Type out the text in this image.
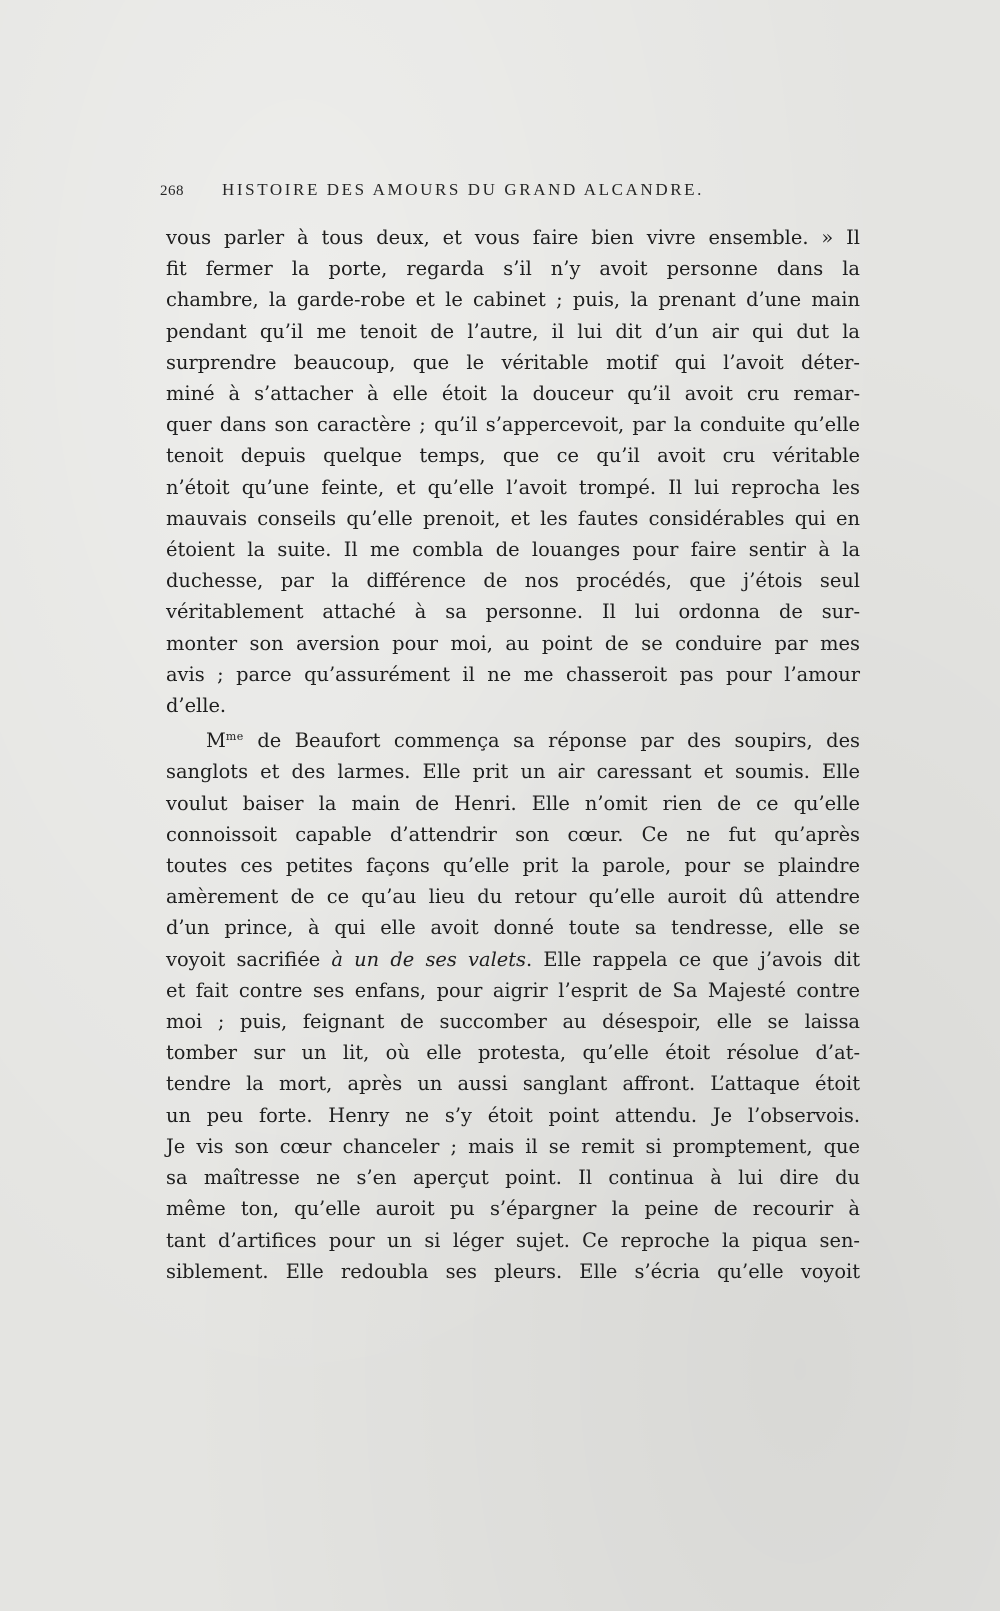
268 HISTOIRE DES AMOURS DU GRAND ALCANDRE.

vous parler à tous deux, et vous faire bien vivre ensemble. » Il
fit fermer la porte, regarda s’il n’y avoit personne dans la
chambre, la garde-robe et le cabinet ; puis, la prenant d’une main
pendant qu’il me tenoit de l’autre, il lui dit d’un air qui dut la
surprendre beaucoup, que le véritable motif qui l’avoit déter-
miné à s’attacher à elle étoit la douceur qu’il avoit cru remar-
quer dans son caractère ; qu’il s’appercevoit, par la conduite qu’elle
tenoit depuis quelque temps, que ce qu’il avoit cru véritable
n’étoit qu’une feinte, et qu’elle l’avoit trompé. Il lui reprocha les
mauvais conseils qu’elle prenoit, et les fautes considérables qui en
étoient la suite. Il me combla de louanges pour faire sentir à la
duchesse, par la différence de nos procédés, que j’étois seul
véritablement attaché à sa personne. Il lui ordonna de sur-
monter son aversion pour moi, au point de se conduire par mes
avis ; parce qu’assurément il ne me chasseroit pas pour l’amour
d’elle.

$M^{me}$ de Beaufort commença sa réponse par des soupirs, des
sanglots et des larmes. Elle prit un air caressant et soumis. Elle
voulut baiser la main de Henri. Elle n’omit rien de ce qu’elle
connoissoit capable d’attendrir son cœur. Ce ne fut qu’après
toutes ces petites façons qu’elle prit la parole, pour se plaindre
amèrement de ce qu’au lieu du retour qu’elle auroit dû attendre
d’un prince, à qui elle avoit donné toute sa tendresse, elle se
voyoit sacrifiée à un de ses valets. Elle rappela ce que j’avois dit
et fait contre ses enfans, pour aigrir l’esprit de Sa Majesté contre
moi ; puis, feignant de succomber au désespoir, elle se laissa
tomber sur un lit, où elle protesta, qu’elle étoit résolue d’at-
tendre la mort, après un aussi sanglant affront. L’attaque étoit
un peu forte. Henry ne s’y étoit point attendu. Je l’observois.
Je vis son cœur chanceler ; mais il se remit si promptement, que
sa maîtresse ne s’en aperçut point. Il continua à lui dire du
même ton, qu’elle auroit pu s’épargner la peine de recourir à
tant d’artifices pour un si léger sujet. Ce reproche la piqua sen-
siblement. Elle redoubla ses pleurs. Elle s’écria qu’elle voyoit
